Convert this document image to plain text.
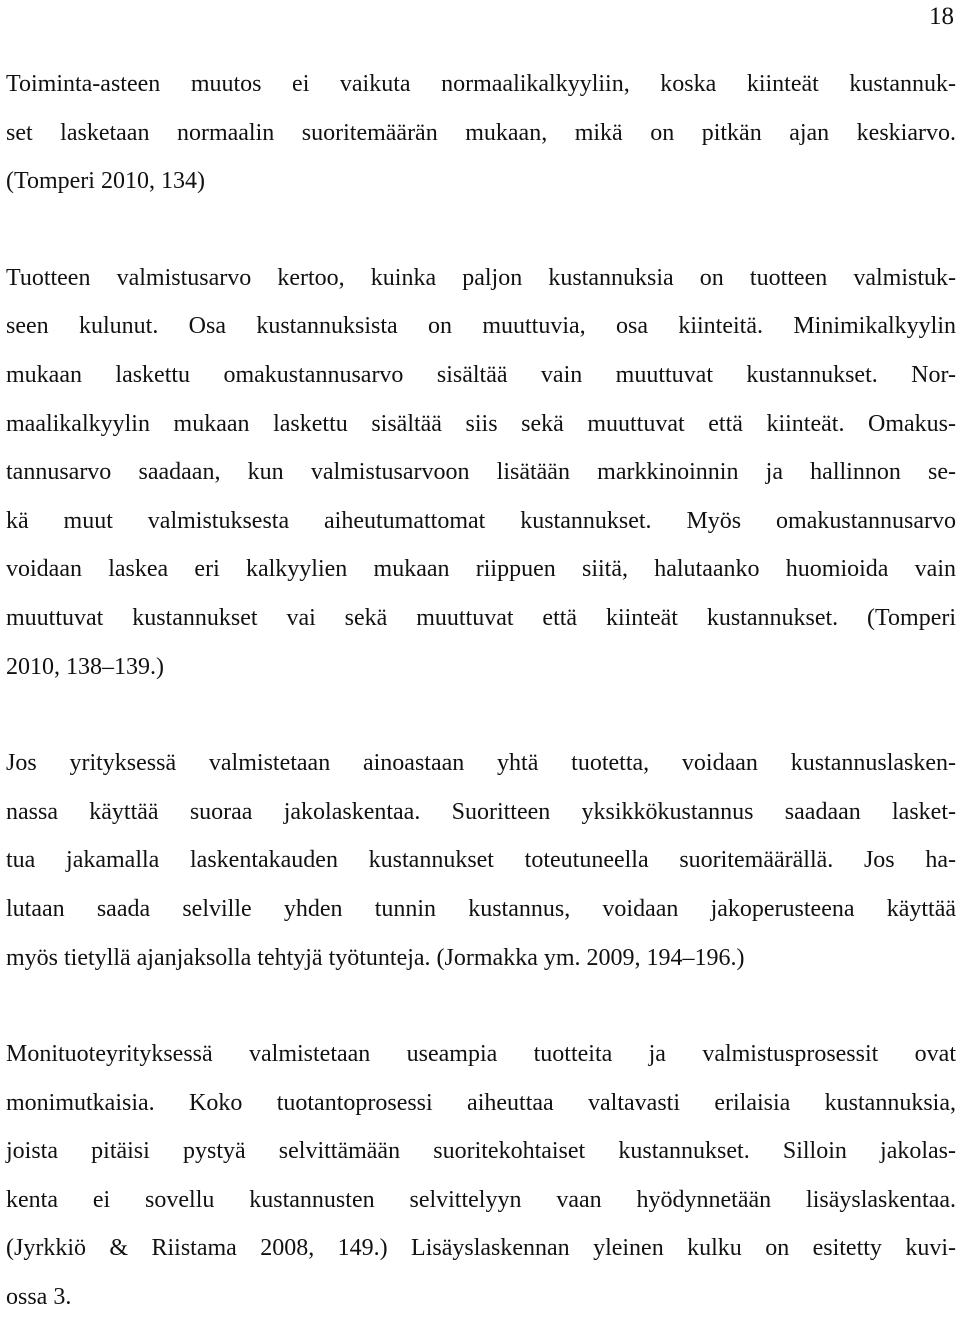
18

Toiminta-asteen muutos ei vaikuta normaalikalkyyliin, koska kiinteät kustannuk-
set lasketaan normaalin suoritemäärän mukaan, mikä on pitkän ajan keskiarvo.
(Tomperi 2010, 134)

Tuotteen valmistusarvo kertoo, kuinka paljon kustannuksia on tuotteen valmistuk-
seen kulunut. Osa kustannuksista on muuttuvia, osa kiinteitä. Minimikalkyylin
mukaan laskettu omakustannusarvo sisältää vain muuttuvat kustannukset. Nor-
maalikalkyylin mukaan laskettu sisältää siis sekä muuttuvat että kiinteät. Omakus-
tannusarvo saadaan, kun valmistusarvoon lisätään markkinoinnin ja hallinnon se-
kä muut valmistuksesta aiheutumattomat kustannukset. Myös omakustannusarvo
voidaan laskea eri kalkyylien mukaan riippuen siitä, halutaanko huomioida vain
muuttuvat kustannukset vai sekä muuttuvat että kiinteät kustannukset. (Tomperi
2010, 138–139.)

Jos yrityksessä valmistetaan ainoastaan yhtä tuotetta, voidaan kustannuslasken-
nassa käyttää suoraa jakolaskentaa. Suoritteen yksikkökustannus saadaan lasket-
tua jakamalla laskentakauden kustannukset toteutuneella suoritemäärällä. Jos ha-
lutaan saada selville yhden tunnin kustannus, voidaan jakoperusteena käyttää
myös tietyllä ajanjaksolla tehtyjä työtunteja. (Jormakka ym. 2009, 194–196.)

Monituoteyrityksessä valmistetaan useampia tuotteita ja valmistusprosessit ovat
monimutkaisia. Koko tuotantoprosessi aiheuttaa valtavasti erilaisia kustannuksia,
joista pitäisi pystyä selvittämään suoritekohtaiset kustannukset. Silloin jakolas-
kenta ei sovellu kustannusten selvittelyyn vaan hyödynnetään lisäyslaskentaa.
(Jyrkkiö & Riistama 2008, 149.) Lisäyslaskennan yleinen kulku on esitetty kuvi-
ossa 3.
